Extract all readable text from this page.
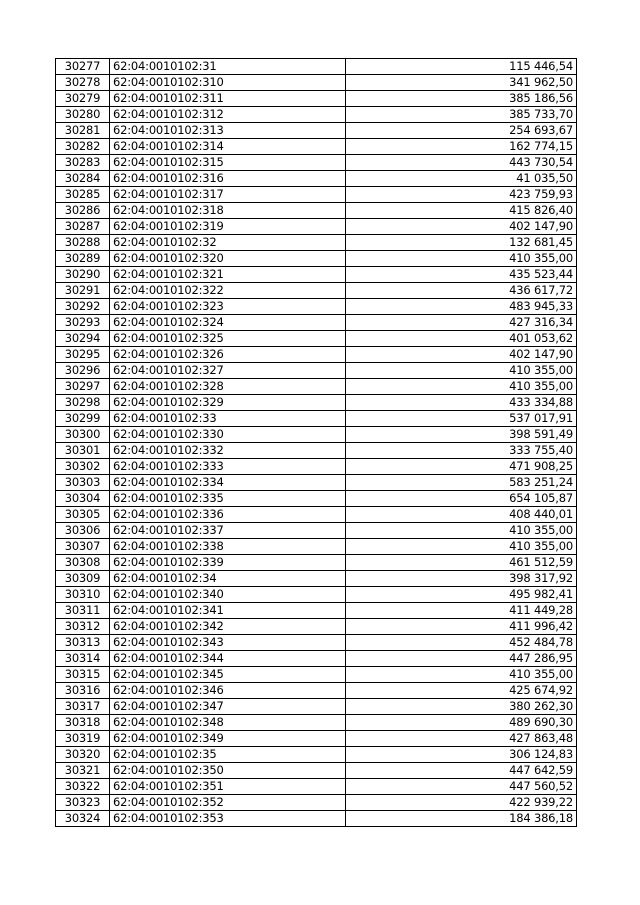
30277	62:04:0010102:31	115 446,54
30278	62:04:0010102:310	341 962,50
30279	62:04:0010102:311	385 186,56
30280	62:04:0010102:312	385 733,70
30281	62:04:0010102:313	254 693,67
30282	62:04:0010102:314	162 774,15
30283	62:04:0010102:315	443 730,54
30284	62:04:0010102:316	41 035,50
30285	62:04:0010102:317	423 759,93
30286	62:04:0010102:318	415 826,40
30287	62:04:0010102:319	402 147,90
30288	62:04:0010102:32	132 681,45
30289	62:04:0010102:320	410 355,00
30290	62:04:0010102:321	435 523,44
30291	62:04:0010102:322	436 617,72
30292	62:04:0010102:323	483 945,33
30293	62:04:0010102:324	427 316,34
30294	62:04:0010102:325	401 053,62
30295	62:04:0010102:326	402 147,90
30296	62:04:0010102:327	410 355,00
30297	62:04:0010102:328	410 355,00
30298	62:04:0010102:329	433 334,88
30299	62:04:0010102:33	537 017,91
30300	62:04:0010102:330	398 591,49
30301	62:04:0010102:332	333 755,40
30302	62:04:0010102:333	471 908,25
30303	62:04:0010102:334	583 251,24
30304	62:04:0010102:335	654 105,87
30305	62:04:0010102:336	408 440,01
30306	62:04:0010102:337	410 355,00
30307	62:04:0010102:338	410 355,00
30308	62:04:0010102:339	461 512,59
30309	62:04:0010102:34	398 317,92
30310	62:04:0010102:340	495 982,41
30311	62:04:0010102:341	411 449,28
30312	62:04:0010102:342	411 996,42
30313	62:04:0010102:343	452 484,78
30314	62:04:0010102:344	447 286,95
30315	62:04:0010102:345	410 355,00
30316	62:04:0010102:346	425 674,92
30317	62:04:0010102:347	380 262,30
30318	62:04:0010102:348	489 690,30
30319	62:04:0010102:349	427 863,48
30320	62:04:0010102:35	306 124,83
30321	62:04:0010102:350	447 642,59
30322	62:04:0010102:351	447 560,52
30323	62:04:0010102:352	422 939,22
30324	62:04:0010102:353	184 386,18
